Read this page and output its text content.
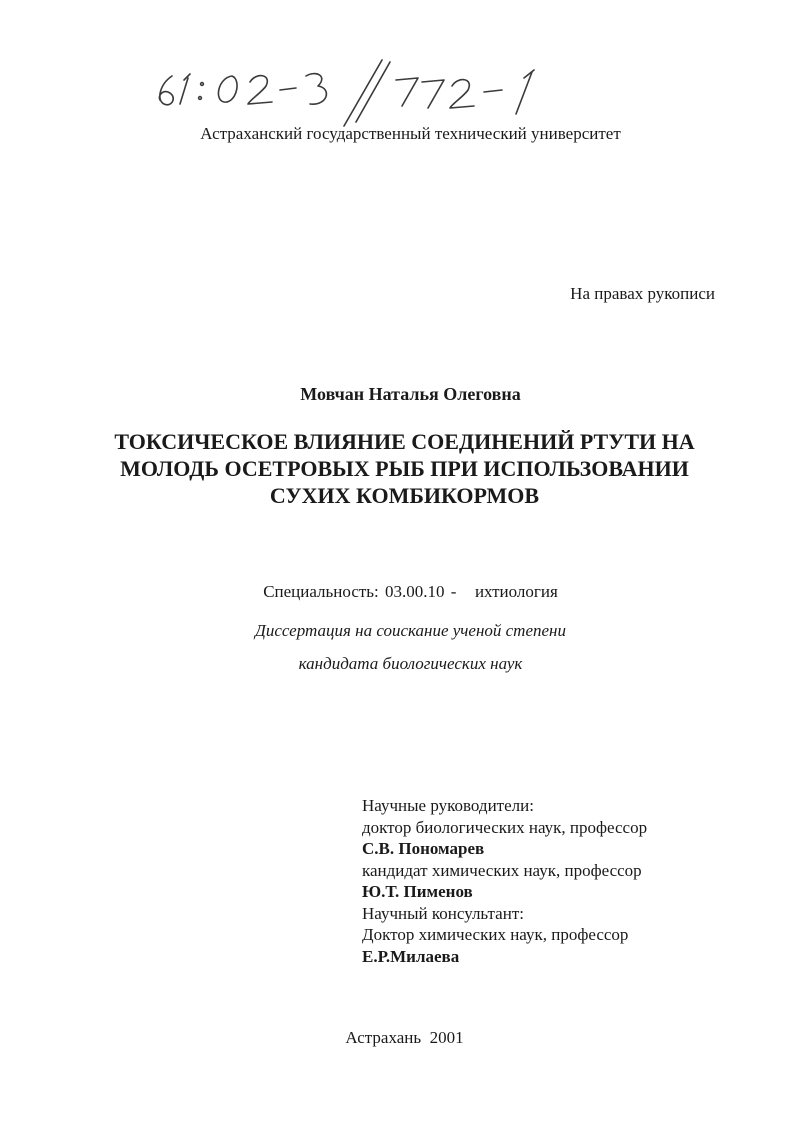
Астраханский государственный технический университет
На правах рукописи
Мовчан Наталья Олеговна
ТОКСИЧЕСКОЕ ВЛИЯНИЕ СОЕДИНЕНИЙ РТУТИ НА
МОЛОДЬ ОСЕТРОВЫХ РЫБ ПРИ ИСПОЛЬЗОВАНИИ
СУХИХ КОМБИКОРМОВ
Специальность: 03.00.10 - ихтиология
Диссертация на соискание ученой степени
кандидата биологических наук
Научные руководители:
доктор биологических наук, профессор
С.В. Пономарев
кандидат химических наук, профессор
Ю.Т. Пименов
Научный консультант:
Доктор химических наук, профессор
Е.Р.Милаева
Астрахань  2001
